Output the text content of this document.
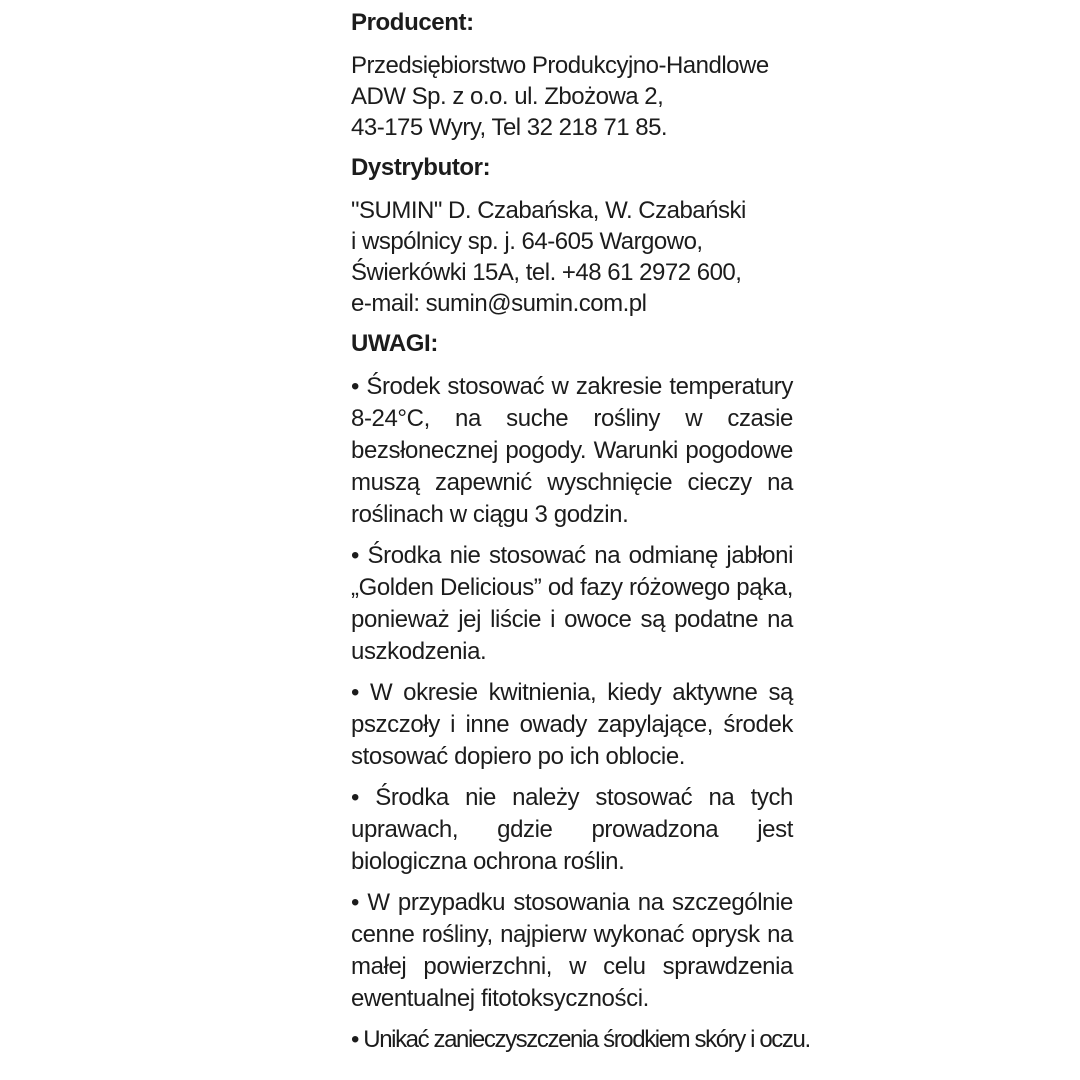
Producent:
Przedsiębiorstwo Produkcyjno-Handlowe
ADW Sp. z o.o. ul. Zbożowa 2,
43-175 Wyry, Tel 32 218 71 85.
Dystrybutor:
"SUMIN" D. Czabańska, W. Czabański
i wspólnicy sp. j. 64-605 Wargowo,
Świerkówki 15A, tel. +48 61 2972 600,
e-mail: sumin@sumin.com.pl
UWAGI:
• Środek stosować w zakresie temperatury 8-24°C, na suche rośliny w czasie bezsłonecznej pogody. Warunki pogodowe muszą zapewnić wyschnięcie cieczy na roślinach w ciągu 3 godzin.
• Środka nie stosować na odmianę jabłoni „Golden Delicious” od fazy różowego pąka, ponieważ jej liście i owoce są podatne na uszkodzenia.
• W okresie kwitnienia, kiedy aktywne są pszczoły i inne owady zapylające, środek stosować dopiero po ich oblocie.
• Środka nie należy stosować na tych uprawach, gdzie prowadzona jest biologiczna ochrona roślin.
• W przypadku stosowania na szczególnie cenne rośliny, najpierw wykonać oprysk na małej powierzchni, w celu sprawdzenia ewentualnej fitotoksyczności.
• Unikać zanieczyszczenia środkiem skóry i oczu.
